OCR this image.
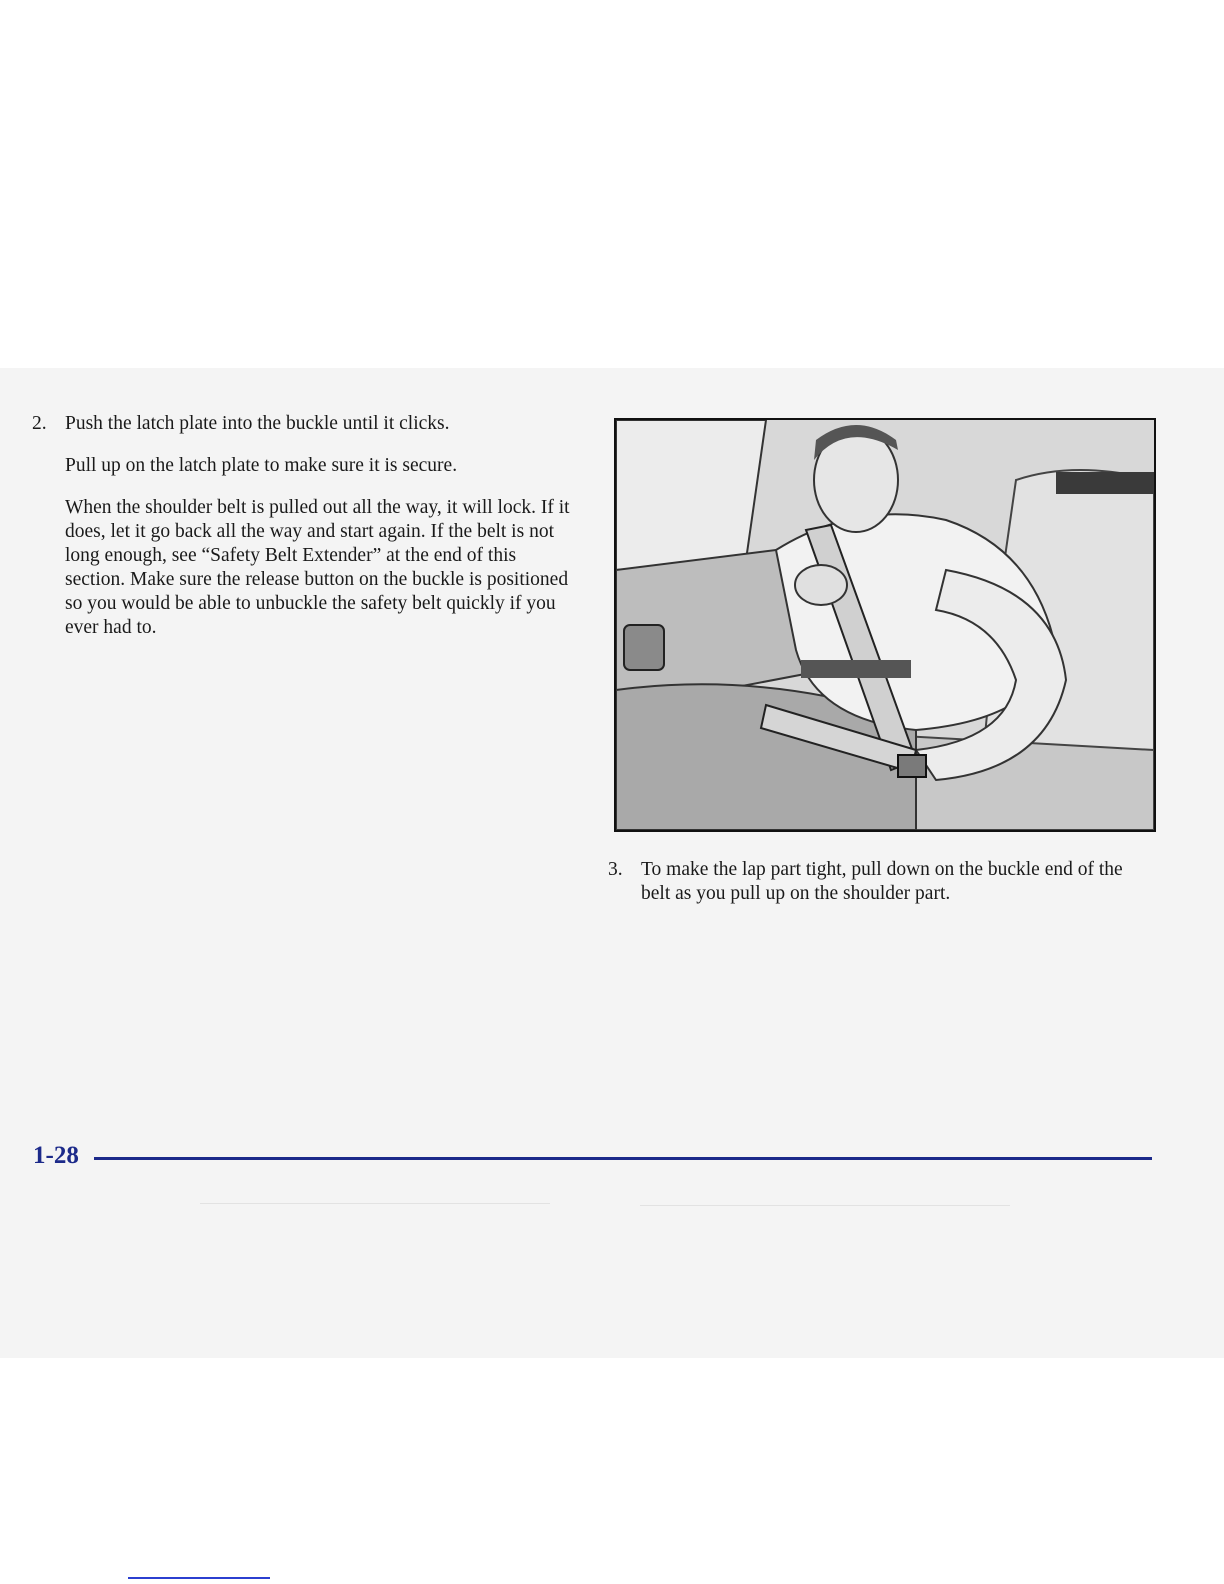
2. Push the latch plate into the buckle until it clicks.

Pull up on the latch plate to make sure it is secure.

When the shoulder belt is pulled out all the way, it will lock. If it does, let it go back all the way and start again. If the belt is not long enough, see “Safety Belt Extender” at the end of this section. Make sure the release button on the buckle is positioned so you would be able to unbuckle the safety belt quickly if you ever had to.

3. To make the lap part tight, pull down on the buckle end of the belt as you pull up on the shoulder part.

1-28
